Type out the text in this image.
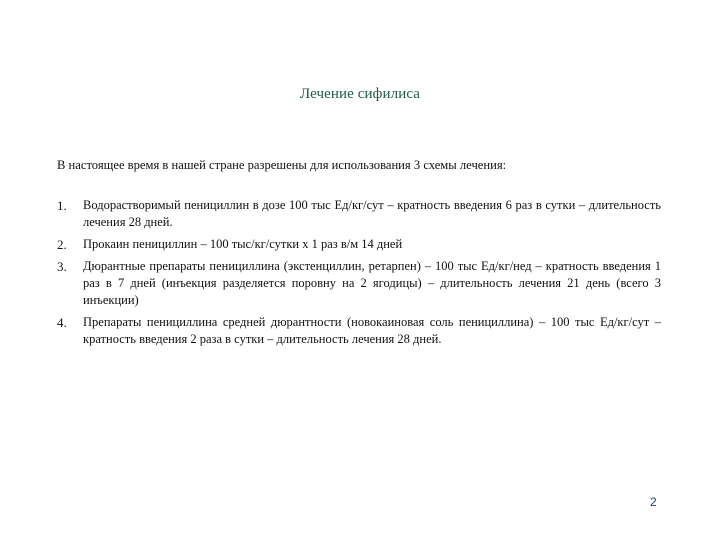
Лечение сифилиса
В настоящее время в нашей стране разрешены для использования 3 схемы лечения:
1.	Водорастворимый пенициллин в дозе 100 тыс Ед/кг/сут – кратность введения 6 раз в сутки – длительность лечения 28 дней.
2.	Прокаин пенициллин – 100 тыс/кг/сутки х 1 раз в/м 14 дней
3.	Дюрантные препараты пенициллина (экстенциллин, ретарпен) – 100 тыс Ед/кг/нед – кратность введения 1 раз в 7 дней (инъекция разделяется поровну на 2 ягодицы) – длительность лечения 21 день (всего 3 инъекции)
4.	Препараты пенициллина средней дюрантности (новокаиновая соль пенициллина) – 100 тыс Ед/кг/сут – кратность введения 2 раза в сутки – длительность лечения 28 дней.
2
